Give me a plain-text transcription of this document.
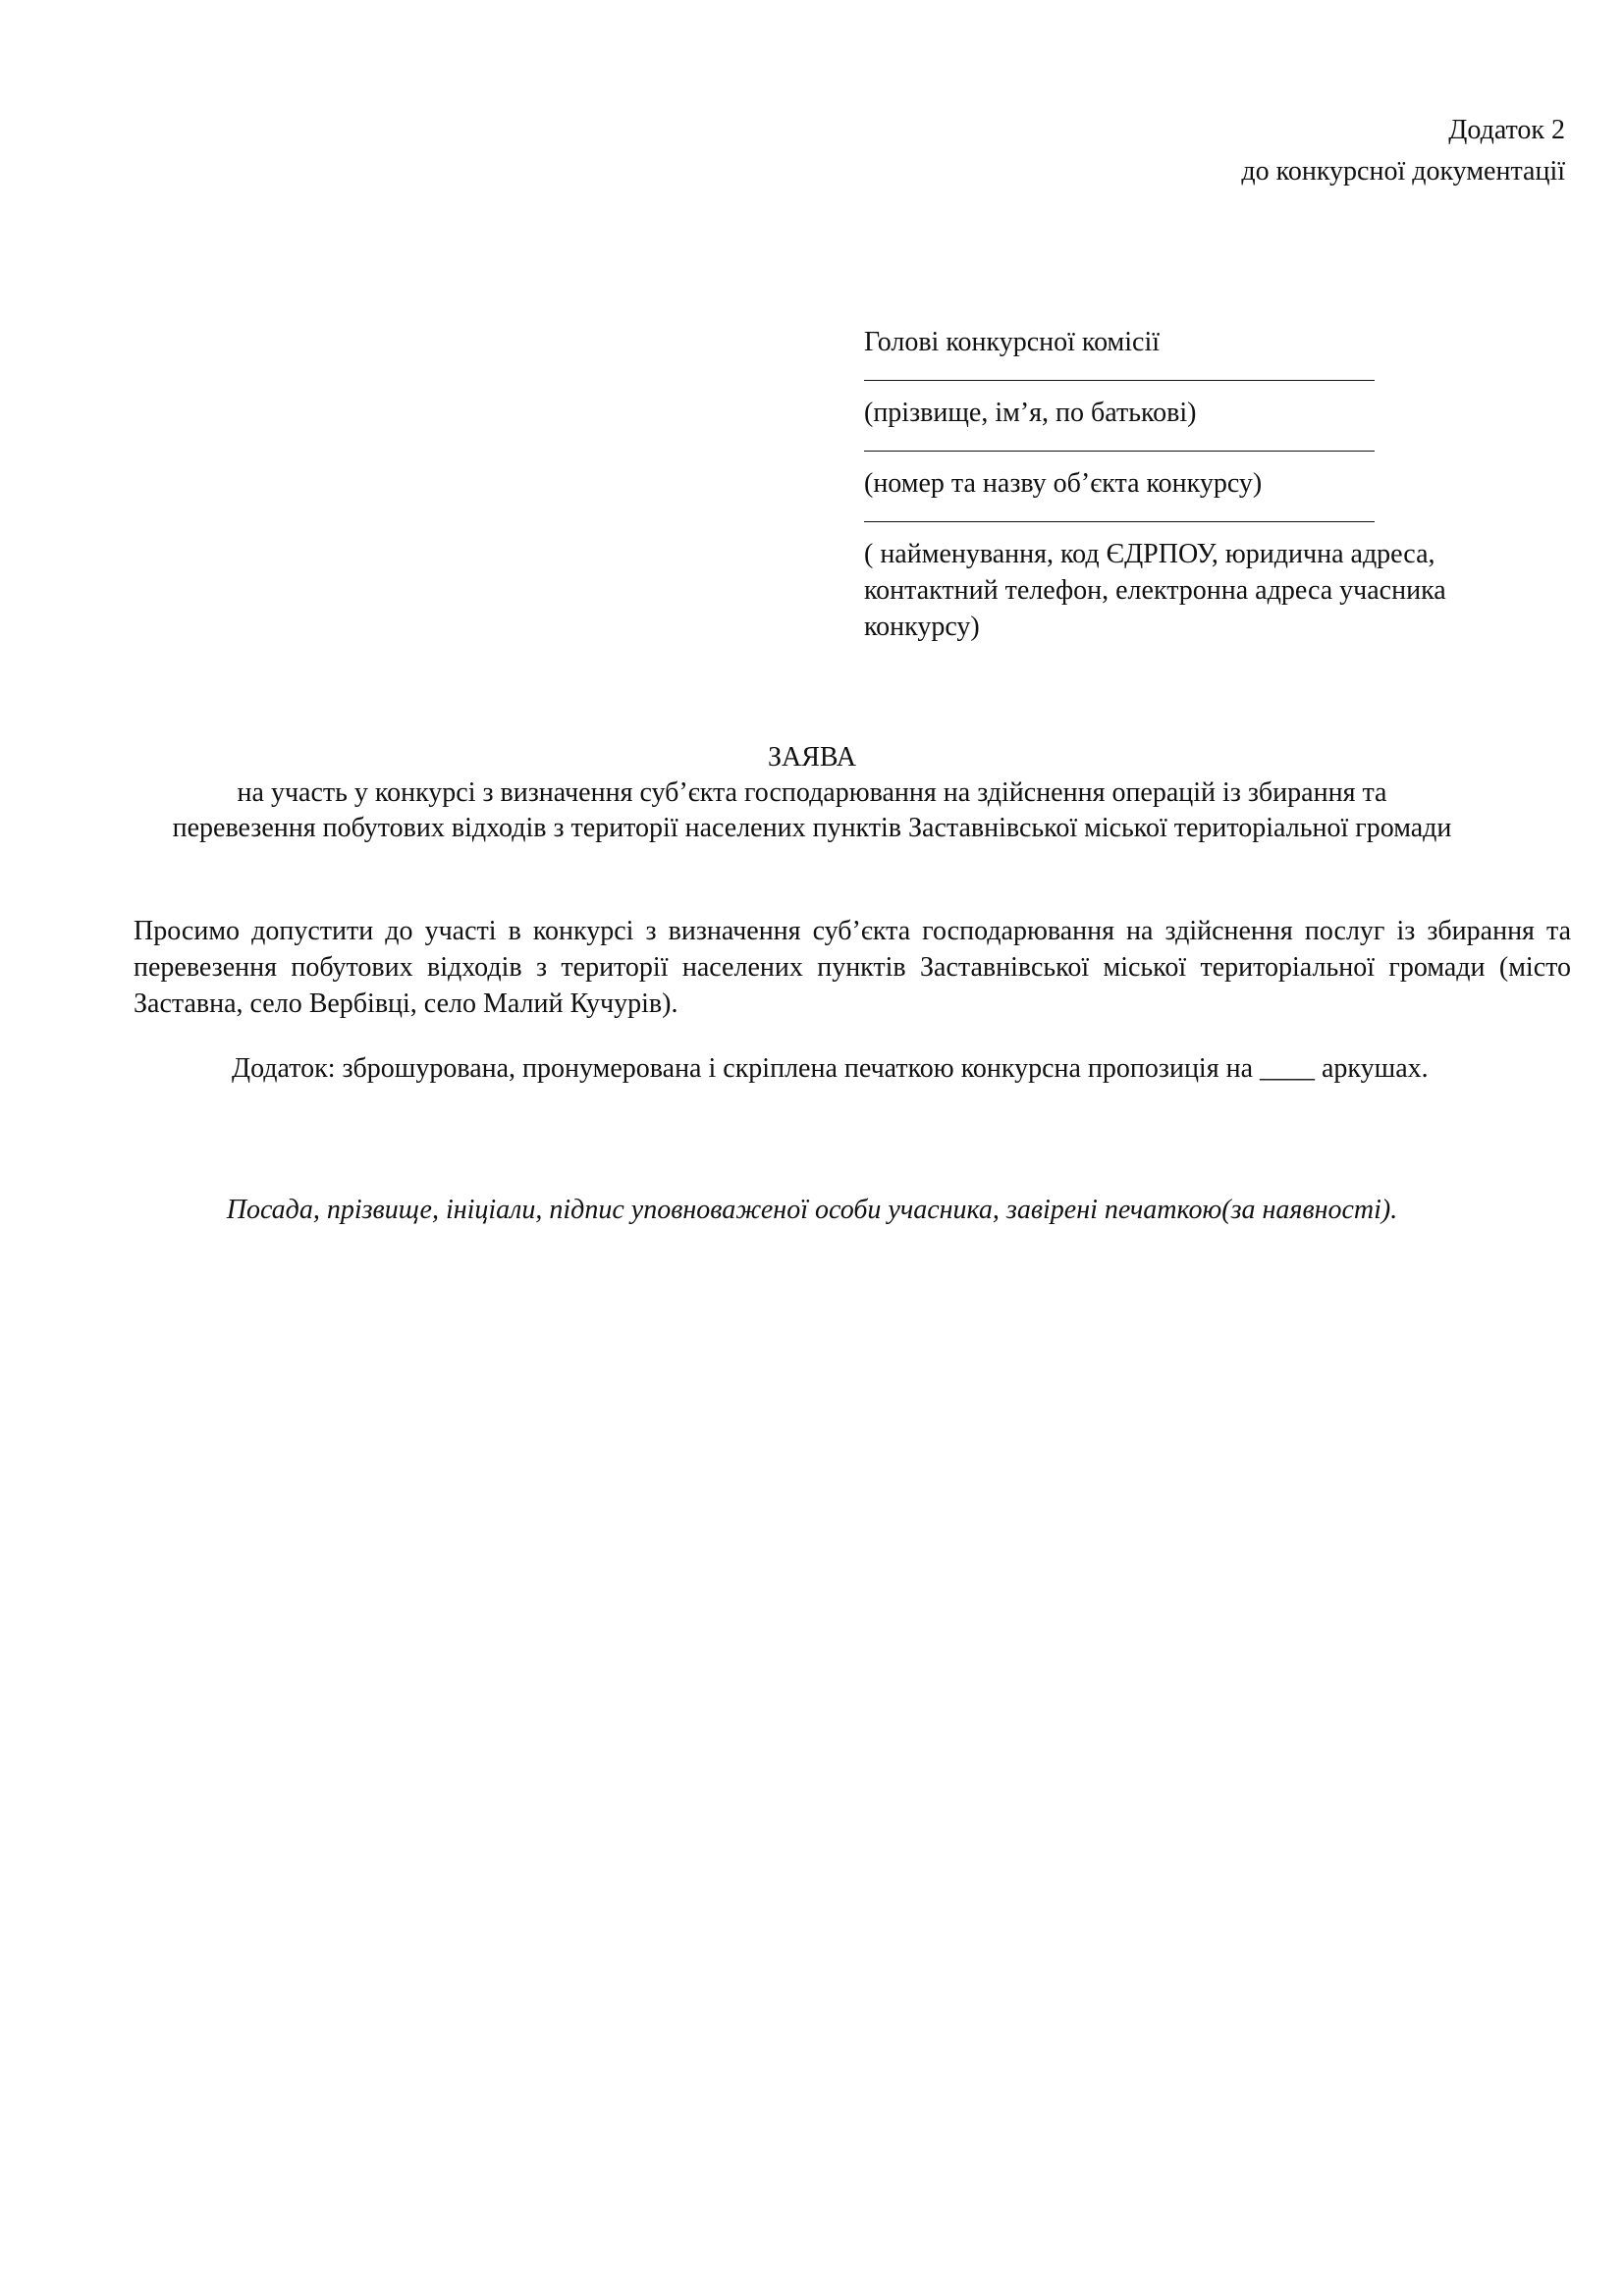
Додаток 2
до конкурсної документації
Голові конкурсної комісії
(прізвище, ім’я, по батькові)
(номер та назву об’єкта конкурсу)
( найменування, код ЄДРПОУ, юридична адреса,
контактний телефон, електронна адреса учасника
конкурсу)
ЗАЯВА
на участь у конкурсі з визначення суб’єкта господарювання на здійснення операцій із збирання та
перевезення побутових відходів з території населених пунктів Заставнівської міської територіальної громади
Просимо допустити до участі в конкурсі з визначення суб’єкта господарювання на здійснення послуг із збирання та перевезення побутових відходів з території населених пунктів Заставнівської міської територіальної громади (місто Заставна, село Вербівці, село Малий Кучурів).
Додаток: зброшурована, пронумерована і скріплена печаткою конкурсна пропозиція на ____ аркушах.
Посада, прізвище, ініціали, підпис уповноваженої особи учасника, завірені печаткою(за наявності).
